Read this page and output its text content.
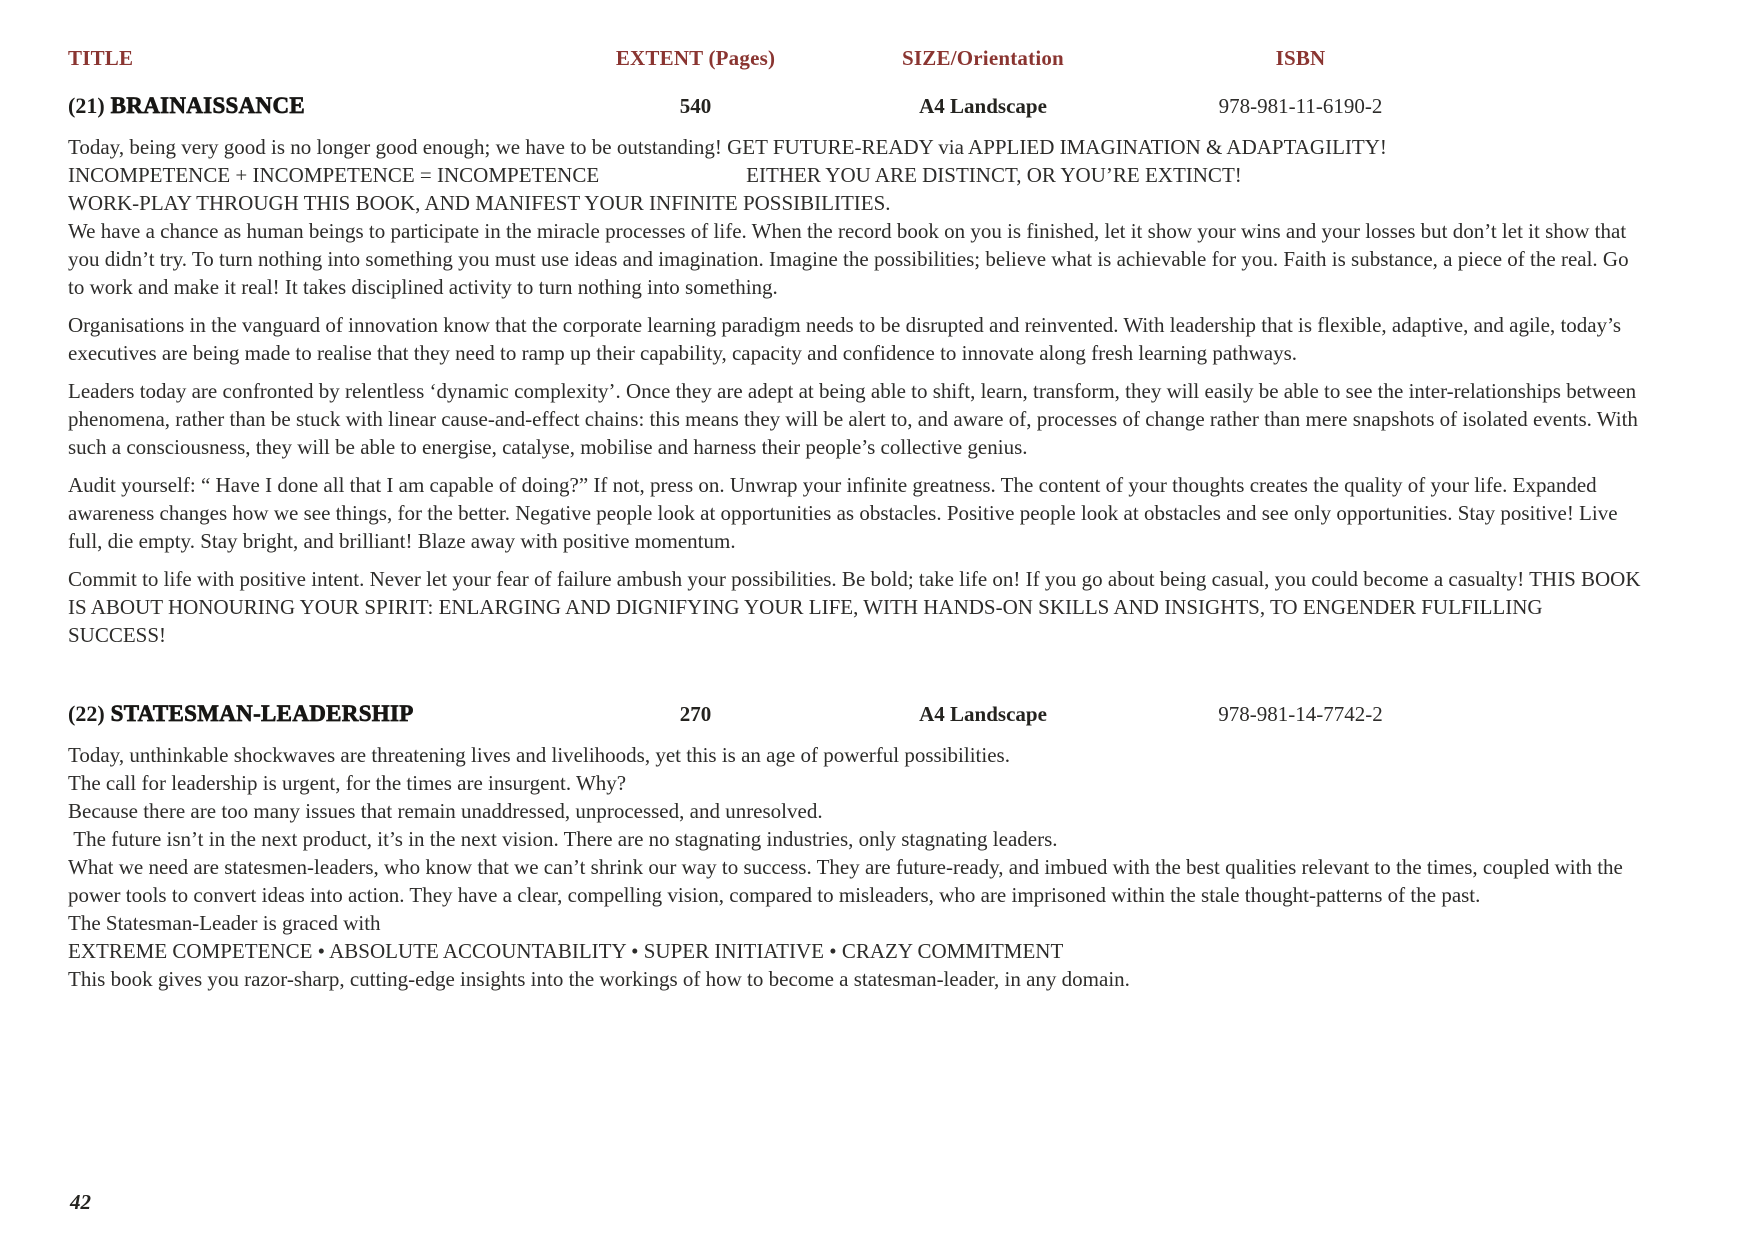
TITLE	EXTENT (Pages)	SIZE/Orientation	ISBN
(21) BRAINAISSANCE	540	A4 Landscape	978-981-11-6190-2

Today, being very good is no longer good enough; we have to be outstanding! GET FUTURE-READY via APPLIED IMAGINATION & ADAPTAGILITY!
INCOMPETENCE + INCOMPETENCE = INCOMPETENCE                            EITHER YOU ARE DISTINCT, OR YOU’RE EXTINCT!
WORK-PLAY THROUGH THIS BOOK, AND MANIFEST YOUR INFINITE POSSIBILITIES.
We have a chance as human beings to participate in the miracle processes of life. When the record book on you is finished, let it show your wins and your losses but don’t let it show that you didn’t try. To turn nothing into something you must use ideas and imagination. Imagine the possibilities; believe what is achievable for you. Faith is substance, a piece of the real. Go to work and make it real! It takes disciplined activity to turn nothing into something.

Organisations in the vanguard of innovation know that the corporate learning paradigm needs to be disrupted and reinvented. With leadership that is flexible, adaptive, and agile, today’s executives are being made to realise that they need to ramp up their capability, capacity and confidence to innovate along fresh learning pathways.

Leaders today are confronted by relentless ‘dynamic complexity’. Once they are adept at being able to shift, learn, transform, they will easily be able to see the inter-relationships between phenomena, rather than be stuck with linear cause-and-effect chains: this means they will be alert to, and aware of, processes of change rather than mere snapshots of isolated events. With such a consciousness, they will be able to energise, catalyse, mobilise and harness their people’s collective genius.

Audit yourself: “ Have I done all that I am capable of doing?” If not, press on. Unwrap your infinite greatness. The content of your thoughts creates the quality of your life. Expanded awareness changes how we see things, for the better. Negative people look at opportunities as obstacles. Positive people look at obstacles and see only opportunities. Stay positive! Live full, die empty. Stay bright, and brilliant! Blaze away with positive momentum.

Commit to life with positive intent. Never let your fear of failure ambush your possibilities. Be bold; take life on! If you go about being casual, you could become a casualty! THIS BOOK IS ABOUT HONOURING YOUR SPIRIT: ENLARGING AND DIGNIFYING YOUR LIFE, WITH HANDS-ON SKILLS AND INSIGHTS, TO ENGENDER FULFILLING SUCCESS!

(22) STATESMAN-LEADERSHIP	270	A4 Landscape	978-981-14-7742-2

Today, unthinkable shockwaves are threatening lives and livelihoods, yet this is an age of powerful possibilities.
The call for leadership is urgent, for the times are insurgent. Why?
Because there are too many issues that remain unaddressed, unprocessed, and unresolved.
The future isn’t in the next product, it’s in the next vision. There are no stagnating industries, only stagnating leaders.
What we need are statesmen-leaders, who know that we can’t shrink our way to success. They are future-ready, and imbued with the best qualities relevant to the times, coupled with the power tools to convert ideas into action. They have a clear, compelling vision, compared to misleaders, who are imprisoned within the stale thought-patterns of the past.
The Statesman-Leader is graced with
EXTREME COMPETENCE • ABSOLUTE ACCOUNTABILITY • SUPER INITIATIVE • CRAZY COMMITMENT
This book gives you razor-sharp, cutting-edge insights into the workings of how to become a statesman-leader, in any domain.

42
